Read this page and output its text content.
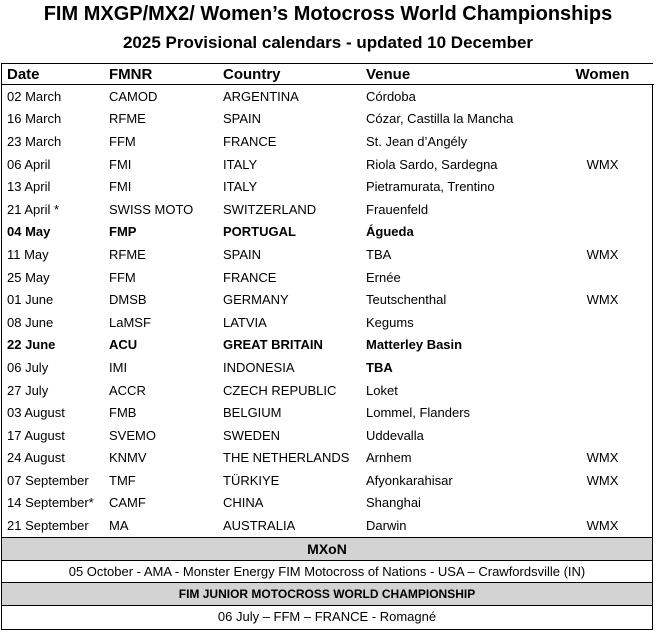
FIM MXGP/MX2/ Women’s Motocross World Championships
2025 Provisional calendars - updated 10 December
Date	FMNR	Country	Venue	Women
02 March	CAMOD	ARGENTINA	Córdoba	
16 March	RFME	SPAIN	Cózar, Castilla la Mancha	
23 March	FFM	FRANCE	St. Jean d’Angély	
06 April	FMI	ITALY	Riola Sardo, Sardegna	WMX
13 April	FMI	ITALY	Pietramurata, Trentino	
21 April *	SWISS MOTO	SWITZERLAND	Frauenfeld	
04 May	FMP	PORTUGAL	Águeda	
11 May	RFME	SPAIN	TBA	WMX
25 May	FFM	FRANCE	Ernée	
01 June	DMSB	GERMANY	Teutschenthal	WMX
08 June	LaMSF	LATVIA	Kegums	
22 June	ACU	GREAT BRITAIN	Matterley Basin	
06 July	IMI	INDONESIA	TBA	
27 July	ACCR	CZECH REPUBLIC	Loket	
03 August	FMB	BELGIUM	Lommel, Flanders	
17 August	SVEMO	SWEDEN	Uddevalla	
24 August	KNMV	THE NETHERLANDS	Arnhem	WMX
07 September	TMF	TÜRKIYE	Afyonkarahisar	WMX
14 September*	CAMF	CHINA	Shanghai	
21 September	MA	AUSTRALIA	Darwin	WMX
MXoN
05 October - AMA - Monster Energy FIM Motocross of Nations - USA – Crawfordsville (IN)
FIM JUNIOR MOTOCROSS WORLD CHAMPIONSHIP
06 July – FFM – FRANCE - Romagné
